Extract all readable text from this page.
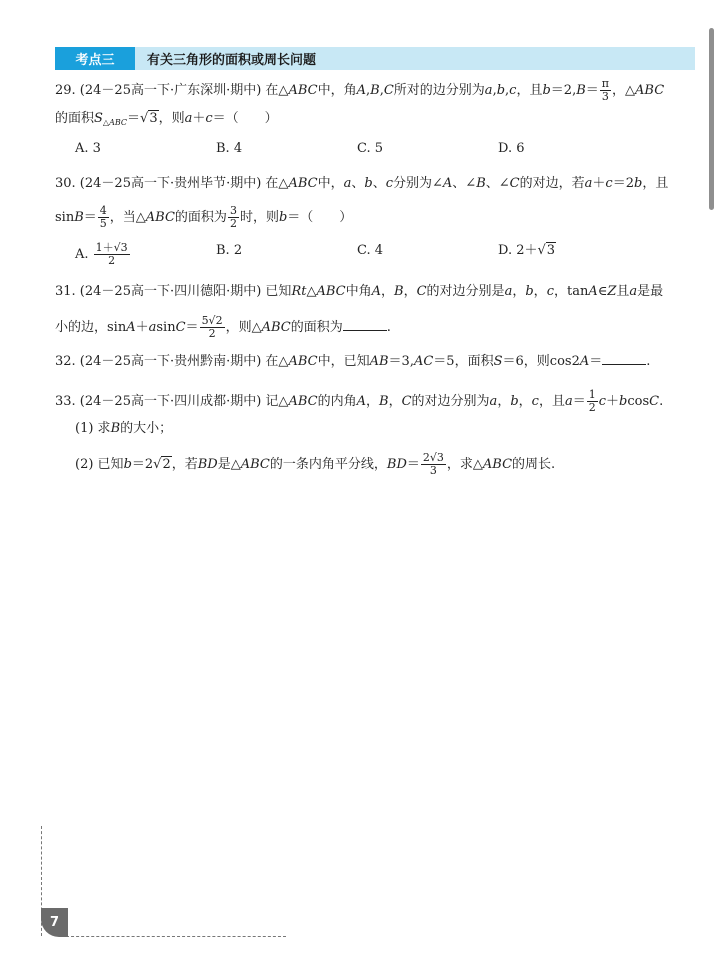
考点三	有关三角形的面积或周长问题
29. (24－25高一下·广东深圳·期中) 在△ABC中，角A,B,C所对的边分别为a,b,c，且$b=2,B= \frac{\pi}{3}$ ，△ABC
的面积$S_{\triangle ABC}=√3$，则a＋c＝（　　）
A. 3	B. 4	C. 5	D. 6
30. (24－25高一下·贵州毕节·期中) 在△ABC中，a、b、c分别为∠A、∠B、∠C的对边，若a＋c＝2b，且
$\sin B= \frac{4}{5}$ ，当△ABC的面积为 $\frac{3}{2}$ 时，则b＝（　　）
A. $\frac{1+√3}{2}$	B. 2	C. 4	D. 2＋√3
31. (24－25高一下·四川德阳·期中) 已知Rt△ABC中角A，B，C的对边分别是a，b，c，tanA∈Z且a是最
小的边，$\sin A+asinC= \frac{5√2}{2}$ ，则△ABC的面积为	.
32. (24－25高一下·贵州黔南·期中) 在△ABC中，已知AB＝3,AC＝5，面积S＝6，则cos2A＝	.
33. (24－25高一下·四川成都·期中) 记△ABC的内角A，B，C的对边分别为a，b，c，且$a= \frac{1}{2} c+bcosC$.
(1) 求B的大小；
(2) 已知b＝2√2，若BD是△ABC的一条内角平分线，$BD= \frac{2√3}{3}$ ，求△ABC的周长.
7
